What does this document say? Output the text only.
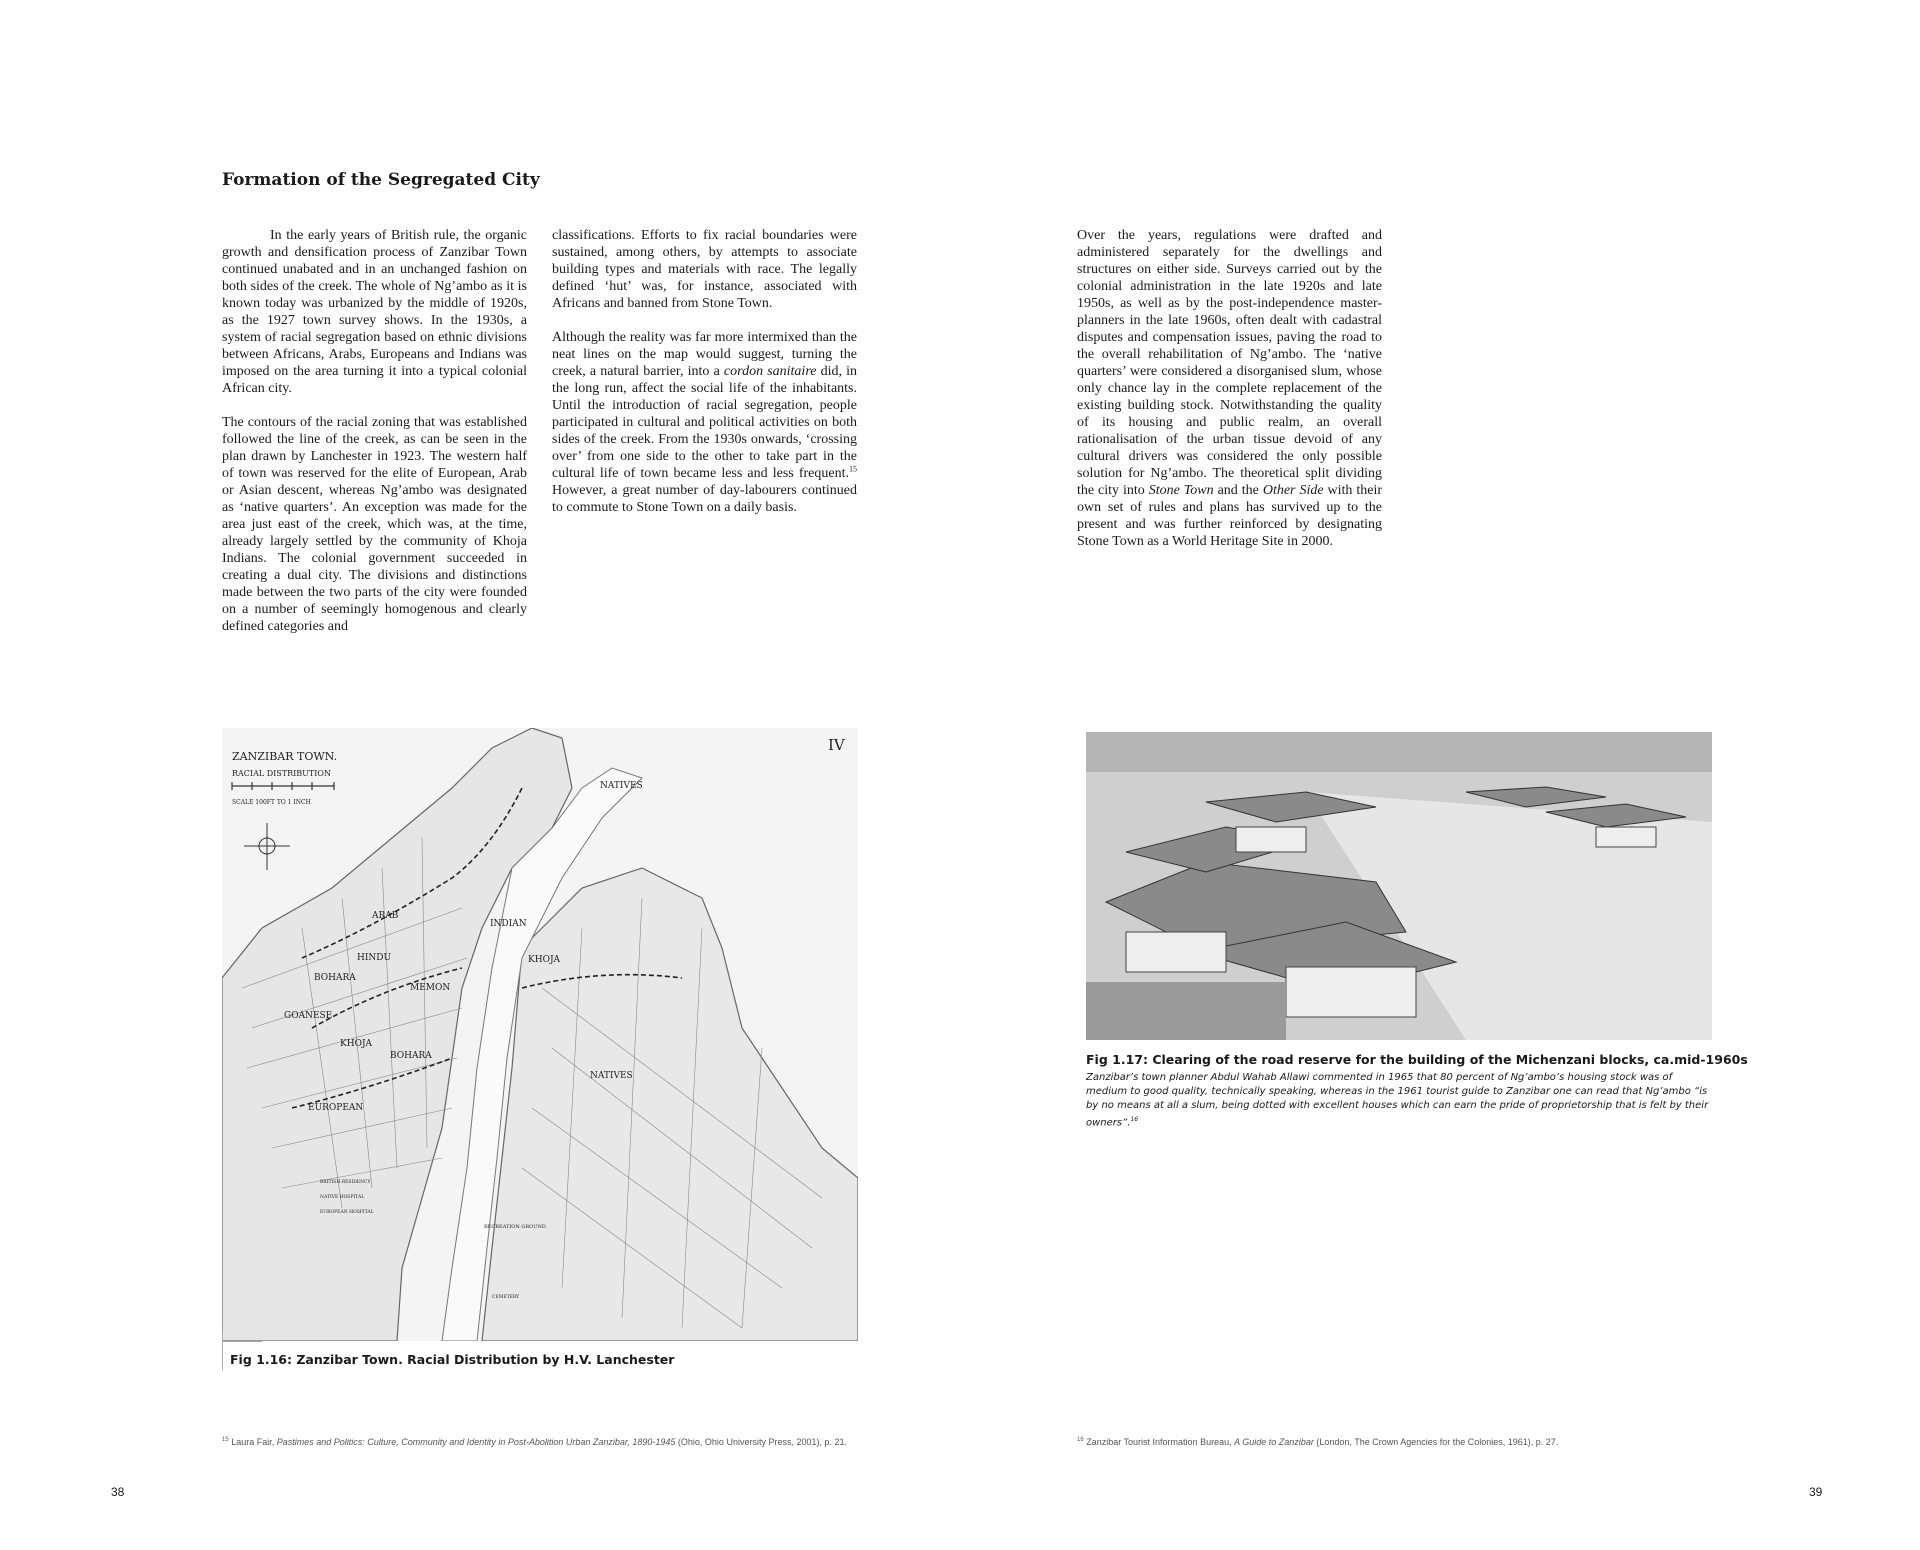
Formation of the Segregated City

In the early years of British rule, the organic growth and densification process of Zanzibar Town continued unabated and in an unchanged fashion on both sides of the creek. The whole of Ng’ambo as it is known today was urbanized by the middle of 1920s, as the 1927 town survey shows. In the 1930s, a system of racial segregation based on ethnic divisions between Africans, Arabs, Europeans and Indians was imposed on the area turning it into a typical colonial African city.

The contours of the racial zoning that was established followed the line of the creek, as can be seen in the plan drawn by Lanchester in 1923. The western half of town was reserved for the elite of European, Arab or Asian descent, whereas Ng’ambo was designated as ‘native quarters’. An exception was made for the area just east of the creek, which was, at the time, already largely settled by the community of Khoja Indians. The colonial government succeeded in creating a dual city. The divisions and distinctions made between the two parts of the city were founded on a number of seemingly homogenous and clearly defined categories and

classifications. Efforts to fix racial boundaries were sustained, among others, by attempts to associate building types and materials with race. The legally defined ‘hut’ was, for instance, associated with Africans and banned from Stone Town.

Although the reality was far more intermixed than the neat lines on the map would suggest, turning the creek, a natural barrier, into a cordon sanitaire did, in the long run, affect the social life of the inhabitants. Until the introduction of racial segregation, people participated in cultural and political activities on both sides of the creek. From the 1930s onwards, ‘crossing over’ from one side to the other to take part in the cultural life of town became less and less frequent.$^{15}$ However, a great number of day-labourers continued to commute to Stone Town on a daily basis.

Over the years, regulations were drafted and administered separately for the dwellings and structures on either side. Surveys carried out by the colonial administration in the late 1920s and late 1950s, as well as by the post-independence master-planners in the late 1960s, often dealt with cadastral disputes and compensation issues, paving the road to the overall rehabilitation of Ng’ambo. The ‘native quarters’ were considered a disorganised slum, whose only chance lay in the complete replacement of the existing building stock. Notwithstanding the quality of its housing and public realm, an overall rationalisation of the urban tissue devoid of any cultural drivers was considered the only possible solution for Ng’ambo. The theoretical split dividing the city into Stone Town and the Other Side with their own set of rules and plans has survived up to the present and was further reinforced by designating Stone Town as a World Heritage Site in 2000.

ZANZIBAR TOWN.
RACIAL DISTRIBUTION
SCALE 100FT TO 1 INCH
IV
NATIVES
ARAB
INDIAN
HINDU	KHOJA
BOHARA
MEMON
GOANESE
KHOJA
BOHARA
NATIVES
EUROPEAN
RECREATION GROUND
BRITISH RESIDENCY
NATIVE HOSPITAL
EUROPEAN HOSPITAL
CEMETERY
Fig 1.16: Zanzibar Town. Racial Distribution by H.V. Lanchester
Fig 1.17: Clearing of the road reserve for the building of the Michenzani blocks, ca.mid-1960s
Zanzibar’s town planner Abdul Wahab Allawi commented in 1965 that 80 percent of Ng’ambo’s housing stock was of medium to good quality, technically speaking, whereas in the 1961 tourist guide to Zanzibar one can read that Ng’ambo “is by no means at all a slum, being dotted with excellent houses which can earn the pride of proprietorship that is felt by their owners”.$^{16}$
$^{15}$ Laura Fair, Pastimes and Politics: Culture, Community and Identity in Post-Abolition Urban Zanzibar, 1890-1945 (Ohio, Ohio University Press, 2001), p. 21.	$^{16}$ Zanzibar Tourist Information Bureau, A Guide to Zanzibar (London, The Crown Agencies for the Colonies, 1961), p. 27.
38	39
